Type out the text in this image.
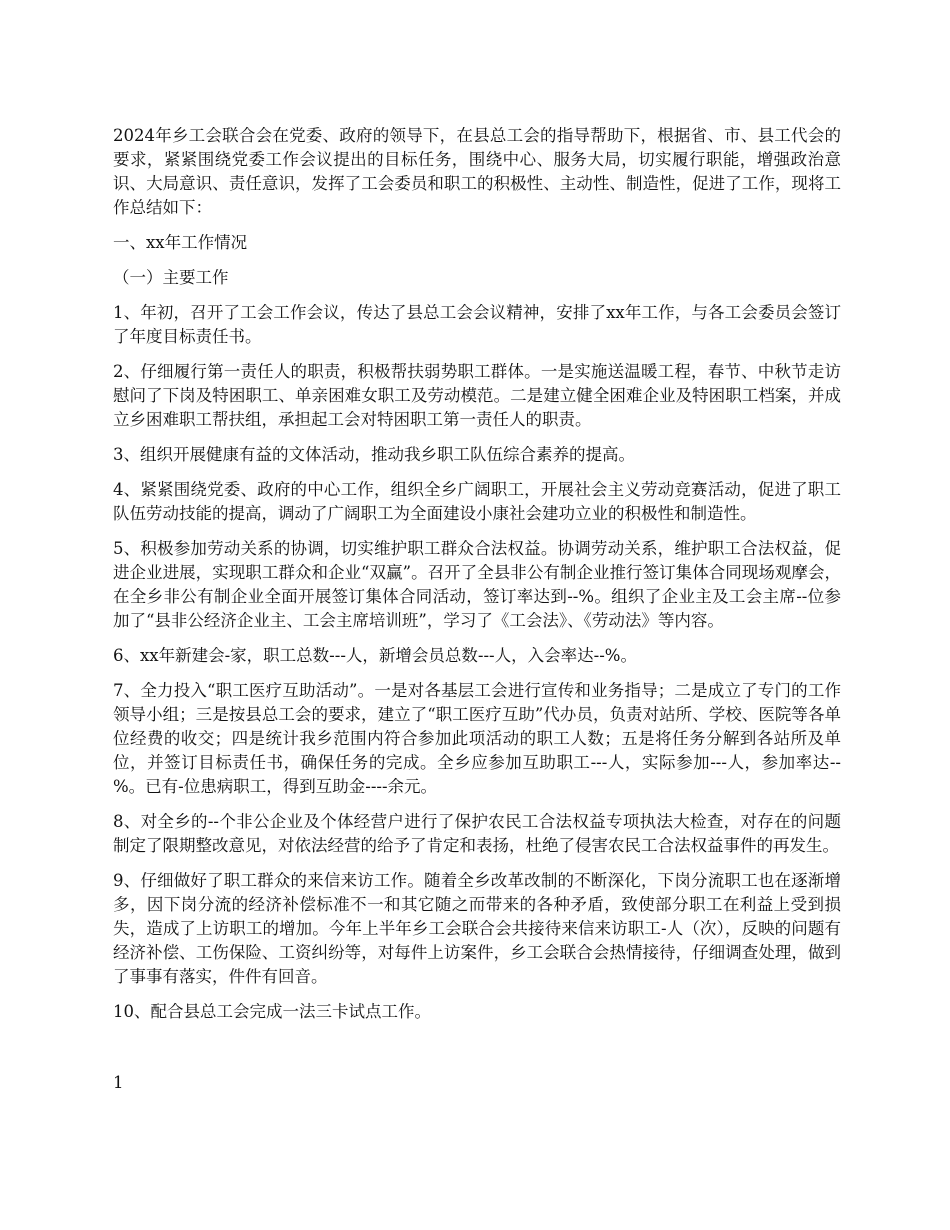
2024年乡工会联合会在党委、政府的领导下，在县总工会的指导帮助下，根据省、市、县工代会的要求，紧紧围绕党委工作会议提出的目标任务，围绕中心、服务大局，切实履行职能，增强政治意识、大局意识、责任意识，发挥了工会委员和职工的积极性、主动性、制造性，促进了工作，现将工作总结如下：

一、xx年工作情况

（一）主要工作

1、年初，召开了工会工作会议，传达了县总工会会议精神，安排了xx年工作，与各工会委员会签订了年度目标责任书。

2、仔细履行第一责任人的职责，积极帮扶弱势职工群体。一是实施送温暖工程，春节、中秋节走访慰问了下岗及特困职工、单亲困难女职工及劳动模范。二是建立健全困难企业及特困职工档案，并成立乡困难职工帮扶组，承担起工会对特困职工第一责任人的职责。

3、组织开展健康有益的文体活动，推动我乡职工队伍综合素养的提高。

4、紧紧围绕党委、政府的中心工作，组织全乡广阔职工，开展社会主义劳动竞赛活动，促进了职工队伍劳动技能的提高，调动了广阔职工为全面建设小康社会建功立业的积极性和制造性。

5、积极参加劳动关系的协调，切实维护职工群众合法权益。协调劳动关系，维护职工合法权益，促进企业进展，实现职工群众和企业“双赢”。召开了全县非公有制企业推行签订集体合同现场观摩会，在全乡非公有制企业全面开展签订集体合同活动，签订率达到--%。组织了企业主及工会主席--位参加了“县非公经济企业主、工会主席培训班”，学习了《工会法》、《劳动法》等内容。

6、xx年新建会-家，职工总数---人，新增会员总数---人，入会率达--%。

7、全力投入“职工医疗互助活动”。一是对各基层工会进行宣传和业务指导；二是成立了专门的工作领导小组；三是按县总工会的要求，建立了“职工医疗互助”代办员，负责对站所、学校、医院等各单位经费的收交；四是统计我乡范围内符合参加此项活动的职工人数；五是将任务分解到各站所及单位，并签订目标责任书，确保任务的完成。全乡应参加互助职工---人，实际参加---人，参加率达--%。已有-位患病职工，得到互助金----余元。

8、对全乡的--个非公企业及个体经营户进行了保护农民工合法权益专项执法大检查，对存在的问题制定了限期整改意见，对依法经营的给予了肯定和表扬，杜绝了侵害农民工合法权益事件的再发生。

9、仔细做好了职工群众的来信来访工作。随着全乡改革改制的不断深化，下岗分流职工也在逐渐增多，因下岗分流的经济补偿标准不一和其它随之而带来的各种矛盾，致使部分职工在利益上受到损失，造成了上访职工的增加。今年上半年乡工会联合会共接待来信来访职工-人（次），反映的问题有经济补偿、工伤保险、工资纠纷等，对每件上访案件，乡工会联合会热情接待，仔细调查处理，做到了事事有落实，件件有回音。

10、配合县总工会完成一法三卡试点工作。

1
